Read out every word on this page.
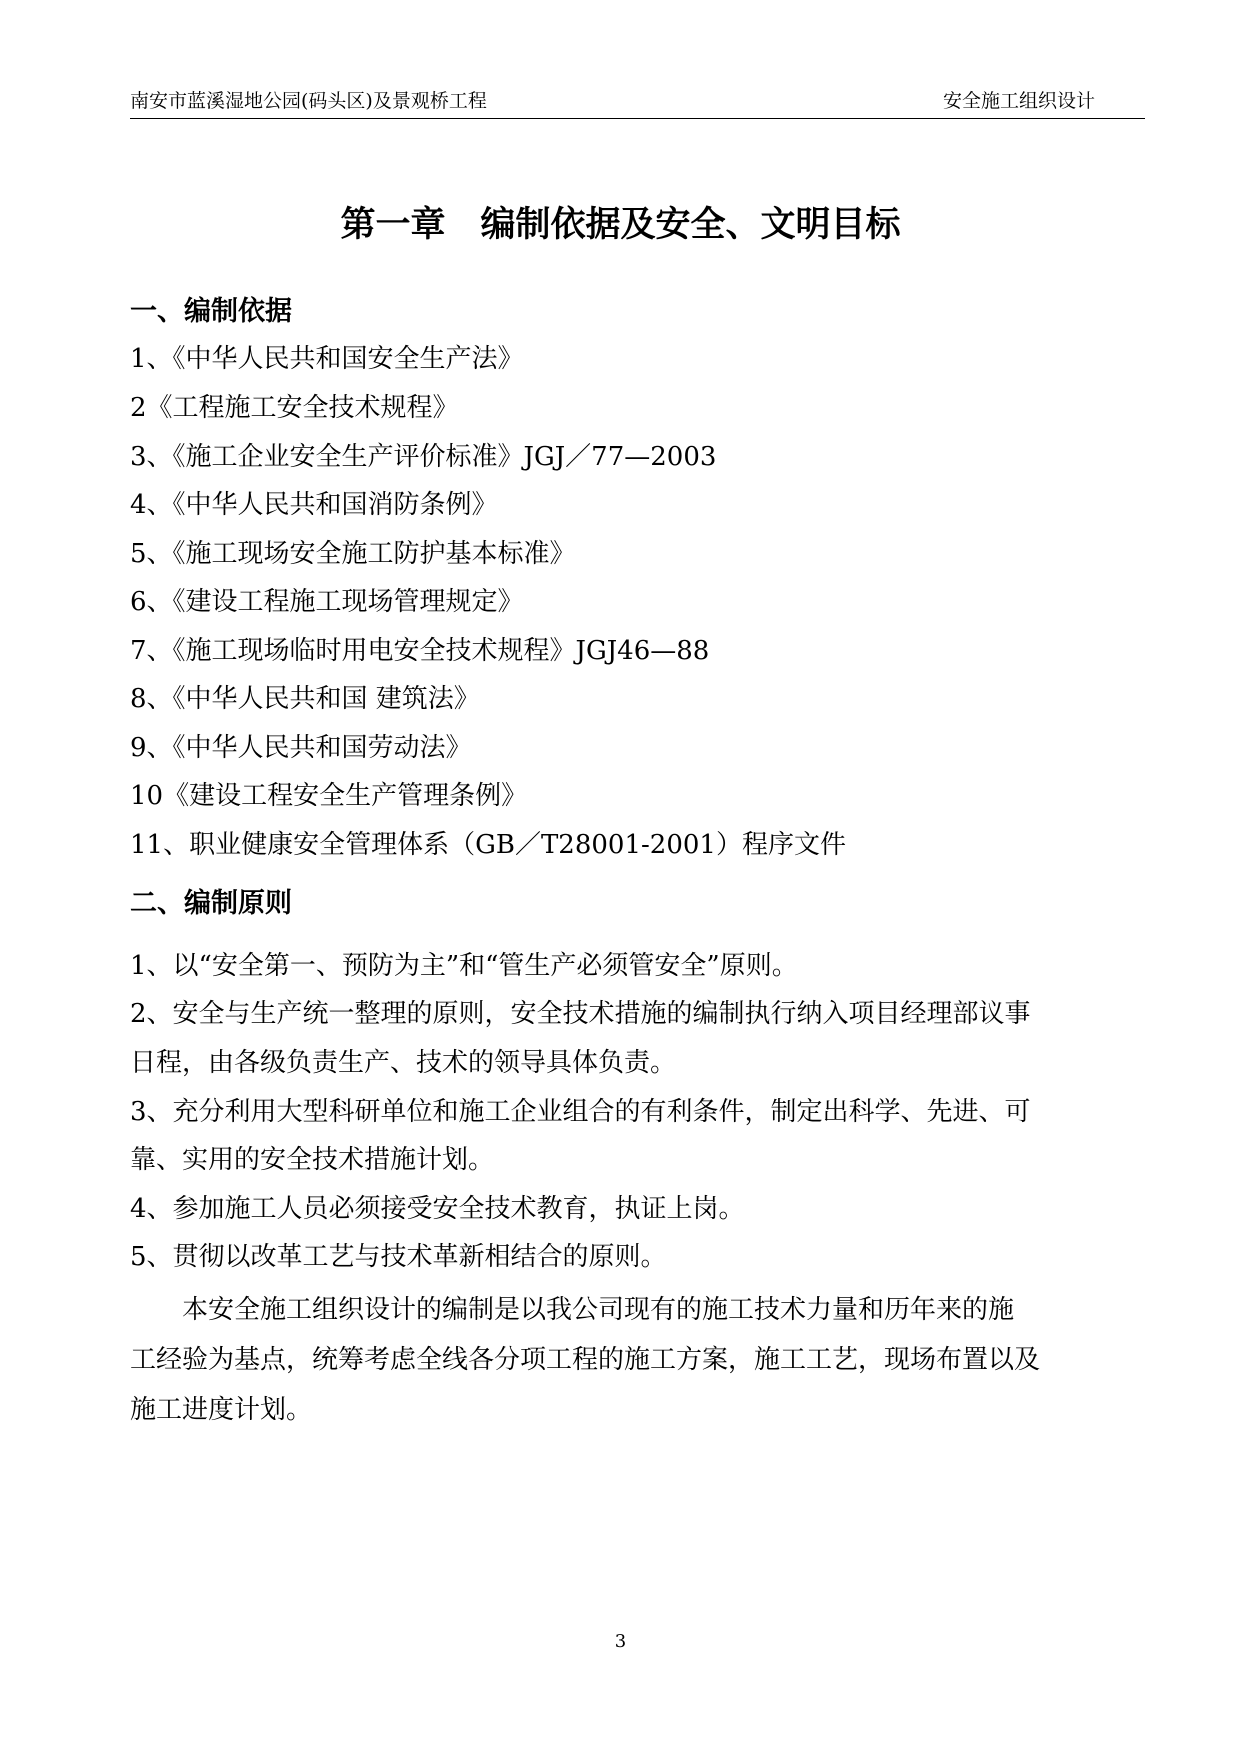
南安市蓝溪湿地公园(码头区)及景观桥工程	安全施工组织设计
第一章　编制依据及安全、文明目标
一、编制依据
1、《中华人民共和国安全生产法》
2《工程施工安全技术规程》
3、《施工企业安全生产评价标准》JGJ／77—2003
4、《中华人民共和国消防条例》
5、《施工现场安全施工防护基本标准》
6、《建设工程施工现场管理规定》
7、《施工现场临时用电安全技术规程》JGJ46—88
8、《中华人民共和国 建筑法》
9、《中华人民共和国劳动法》
10《建设工程安全生产管理条例》
11、职业健康安全管理体系（GB／T28001-2001）程序文件
二、编制原则
1、以“安全第一、预防为主”和“管生产必须管安全”原则。
2、安全与生产统一整理的原则，安全技术措施的编制执行纳入项目经理部议事
日程，由各级负责生产、技术的领导具体负责。
3、充分利用大型科研单位和施工企业组合的有利条件，制定出科学、先进、可
靠、实用的安全技术措施计划。
4、参加施工人员必须接受安全技术教育，执证上岗。
5、贯彻以改革工艺与技术革新相结合的原则。
本安全施工组织设计的编制是以我公司现有的施工技术力量和历年来的施
工经验为基点，统筹考虑全线各分项工程的施工方案，施工工艺，现场布置以及
施工进度计划。
3
